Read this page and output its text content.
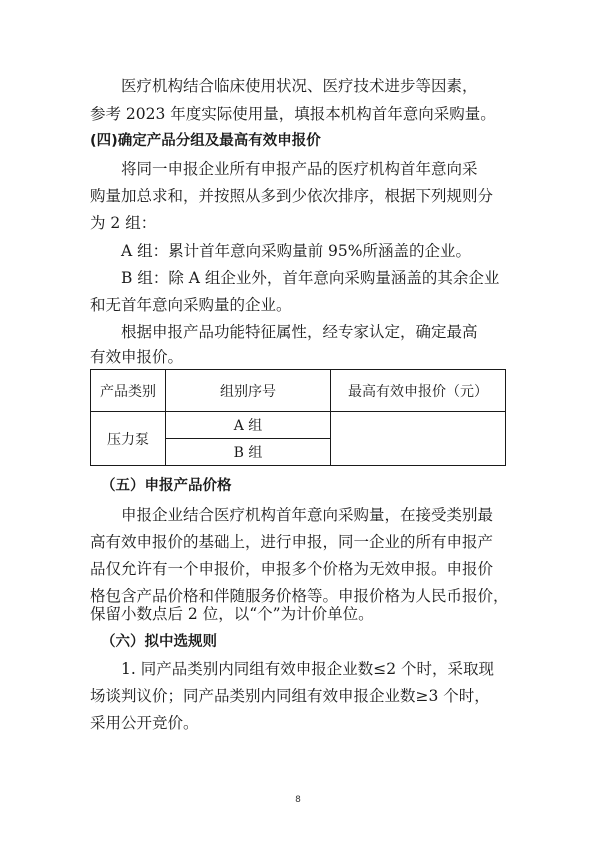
医疗机构结合临床使用状况、医疗技术进步等因素，
参考 2023 年度实际使用量，填报本机构首年意向采购量。
(四)确定产品分组及最高有效申报价
将同一申报企业所有申报产品的医疗机构首年意向采
购量加总求和，并按照从多到少依次排序，根据下列规则分
为 2 组：
A 组：累计首年意向采购量前 95%所涵盖的企业。
B 组：除 A 组企业外，首年意向采购量涵盖的其余企业
和无首年意向采购量的企业。
根据申报产品功能特征属性，经专家认定，确定最高
有效申报价。
产品类别	组别序号	最高有效申报价（元）
压力泵	A 组	
	B 组	
（五）申报产品价格
申报企业结合医疗机构首年意向采购量，在接受类别最
高有效申报价的基础上，进行申报，同一企业的所有申报产
品仅允许有一个申报价，申报多个价格为无效申报。申报价
格包含产品价格和伴随服务价格等。申报价格为人民币报价，
保留小数点后 2 位，以“个”为计价单位。
（六）拟中选规则
1. 同产品类别内同组有效申报企业数≤2 个时，采取现
场谈判议价；同产品类别内同组有效申报企业数≥3 个时，
采用公开竞价。
8
